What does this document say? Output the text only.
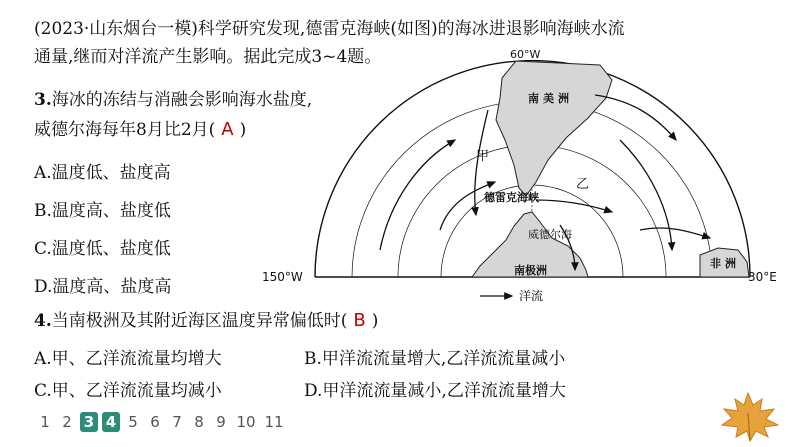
(2023·山东烟台一模)科学研究发现,德雷克海峡(如图)的海冰进退影响海峡水流
通量,继而对洋流产生影响。据此完成3~4题。
3.海冰的冻结与消融会影响海水盐度,
威德尔海每年8月比2月( A )
A.温度低、盐度高
B.温度高、盐度低
C.温度低、盐度低
D.温度高、盐度高
4.当南极洲及其附近海区温度异常偏低时( B )
A.甲、乙洋流流量均增大	B.甲洋流流量增大,乙洋流流量减小
C.甲、乙洋流流量均减小	D.甲洋流流量减小,乙洋流流量增大
60°W
150°W	30°E
南美洲
非洲
南极洲
甲
乙
德雷克海峡
威德尔海
洋流
1 2 3 4 5 6 7 8 9 10 11
